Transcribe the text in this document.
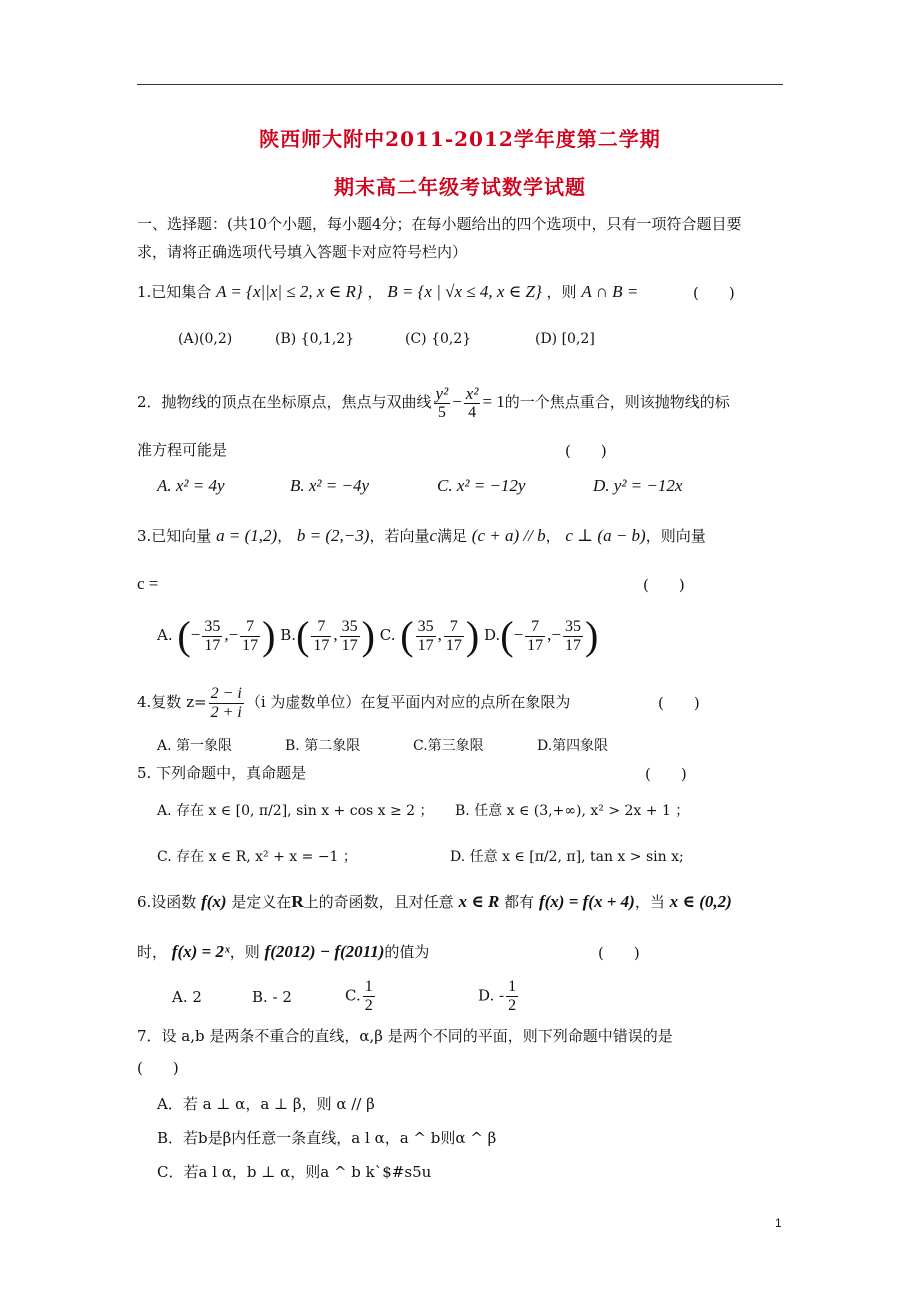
陕西师大附中2011-2012学年度第二学期
期末高二年级考试数学试题
一、选择题：(共10个小题，每小题4分；在每小题给出的四个选项中，只有一项符合题目要
求，请将正确选项代号填入答题卡对应符号栏内）
1.已知集合 A = {x||x| ≤ 2, x ∈ R} ， B = {x | √x ≤ 4, x ∈ Z} ，则 A ∩ B =	(　　)
(A)(0,2)	(B) {0,1,2}	(C) {0,2}	(D) [0,2]
2．抛物线的顶点在坐标原点，焦点与双曲线 $\frac{\text{y²}}{5} - \frac{\text{x²}}{4} = 1$的一个焦点重合，则该抛物线的标
准方程可能是	(　　)
A. x² = 4y	B. x² = −4y	C. x² = −12y	D. y² = −12x
3.已知向量 a = (1,2)， b = (2,−3)，若向量c满足 (c + a) // b， c ⊥ (a − b)，则向量
c =	(　　)
A. (− $\frac{35}{17}$ ,− $\frac{7}{17}$ ) $B.( \frac{7}{17}$ , $\frac{35}{17}$ ) C. ( $\frac{35}{17}$ , $\frac{7}{17}$ ) $D.(- \frac{7}{17}$ ,− $\frac{35}{17}$ )
4.复数 $z= \frac{2 - i}{2 + i} (i$ 为虚数单位）在复平面内对应的点所在象限为	(　　)
A. 第一象限	B. 第二象限	C.第三象限	D.第四象限
5. 下列命题中，真命题是	(　　)
A. 存在 x ∈ [0, π/2], sin x + cos x ≥ 2 ； B. 任意 x ∈ (3,+∞), x² > 2x + 1 ；
C. 存在 x ∈ R, x² + x = −1 ；	D. 任意 x ∈ [π/2, π], tan x > sin x;
6.设函数 f(x) 是定义在R上的奇函数，且对任意 x ∈ R 都有 f(x) = f(x + 4)，当 x ∈ (0,2)
时， f(x) = 2ˣ，则 f(2012) − f(2011)的值为	(　　)
A. 2	B. - 2	C. $\frac{1}{2}$	D. - $\frac{1}{2}$
7．设 a,b 是两条不重合的直线，α,β 是两个不同的平面，则下列命题中错误的是
(　　)
A．若 a ⊥ α，a ⊥ β，则 α // β
B．若b是β内任意一条直线，a l α，a ^ b则α ^ β
C．若a l α，b ⊥ α，则a ^ b k`$#s5u
1
